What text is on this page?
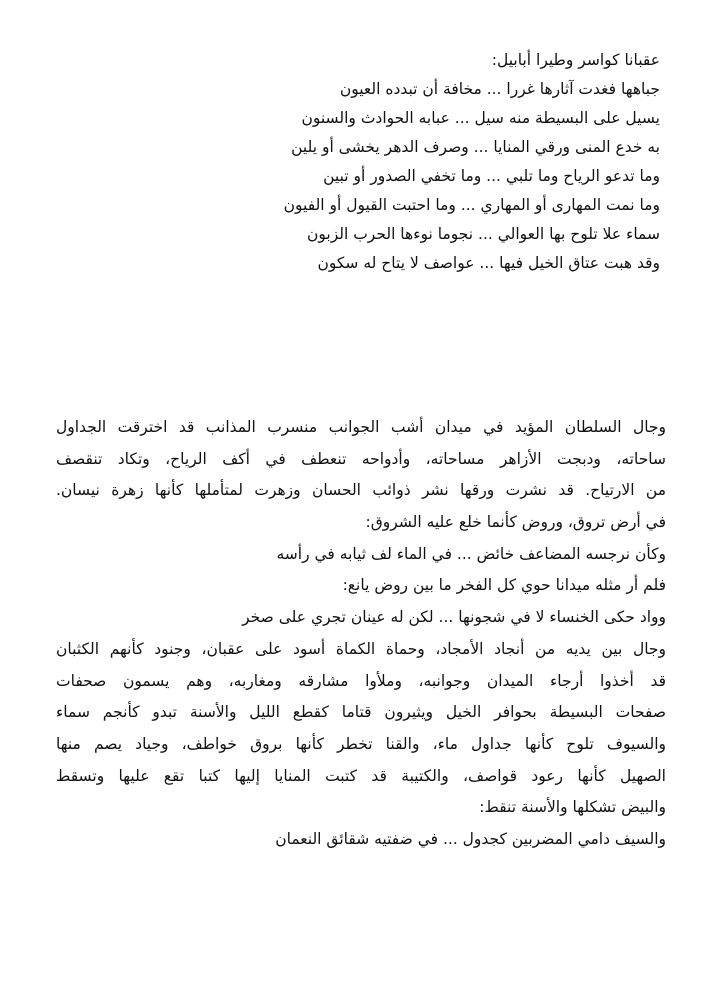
عقبانا كواسر وطيرا أبابيل:
جباهها فغدت آثارها غررا ... مخافة أن تبدده العيون
يسيل على البسيطة منه سيل ... عبابه الحوادث والسنون
به خدع المنى ورقي المنايا ... وصرف الدهر يخشى أو يلين
وما تدعو الرياح وما تلبي ... وما تخفي الصدور أو تبين
وما نمت المهارى أو المهاري ... وما احتبت القيول أو الفيون
سماء علا تلوح بها العوالي ... نجوما نوءها الحرب الزبون
وقد هبت عتاق الخيل فيها ... عواصف لا يتاح له سكون
وجال السلطان المؤيد في ميدان أشب الجوانب منسرب المذانب قد اخترقت الجداول
ساحاته، ودبجت الأزاهر مساحاته، وأدواحه تنعطف في أكف الرياح، وتكاد تنقصف
من الارتياح. قد نشرت ورقها نشر ذوائب الحسان وزهرت لمتأملها كأنها زهرة نيسان.
في أرض تروق، وروض كأنما خلع عليه الشروق:
وكأن نرجسه المضاعف خائض ... في الماء لف ثيابه في رأسه
فلم أر مثله ميدانا حوي كل الفخر ما بين روض يانع:
وواد حكى الخنساء لا في شجونها ... لكن له عينان تجري على صخر
وجال بين يديه من أنجاد الأمجاد، وحماة الكماة أسود على عقبان، وجنود كأنهم الكثبان
قد أخذوا أرجاء الميدان وجوانبه، وملأوا مشارقه ومغاربه، وهم يسمون صحفات
صفحات البسيطة بحوافر الخيل ويثيرون قتاما كقطع الليل والأسنة تبدو كأنجم سماء
والسيوف تلوح كأنها جداول ماء، والقنا تخطر كأنها بروق خواطف، وجياد يصم منها
الصهيل كأنها رعود قواصف، والكتيبة قد كتبت المنايا إليها كتبا تقع عليها وتسقط
والبيض تشكلها والأسنة تنقط:
والسيف دامي المضربين كجدول ... في ضفتيه شقائق النعمان
